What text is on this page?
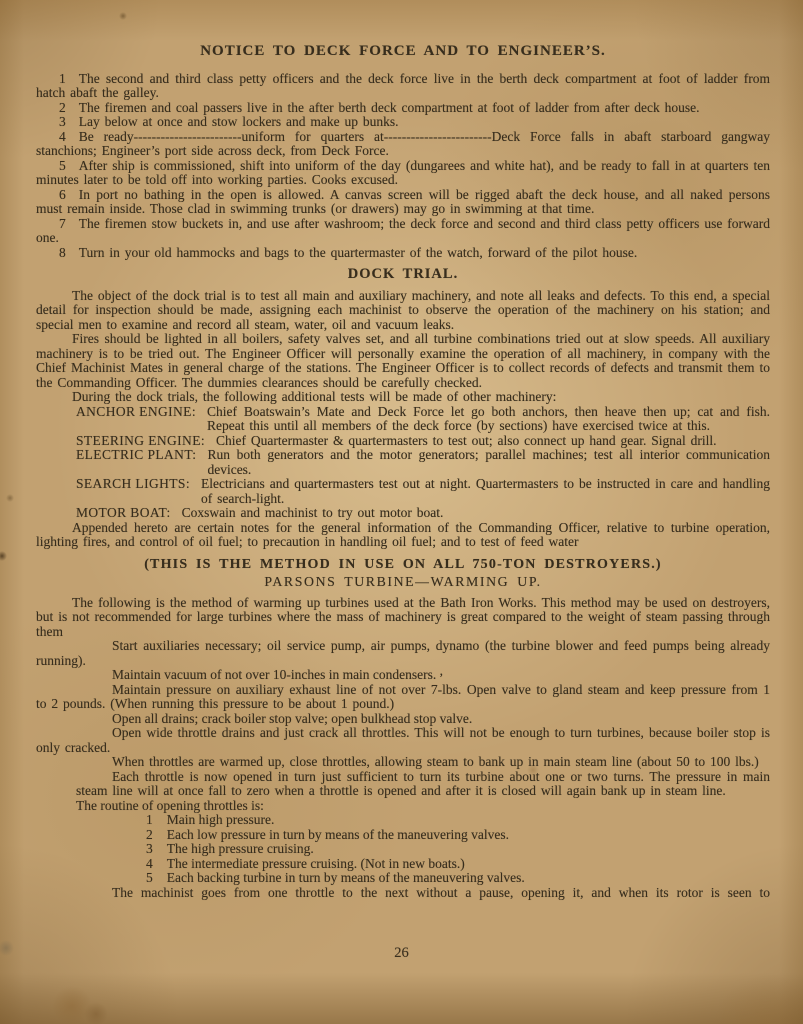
NOTICE TO DECK FORCE AND TO ENGINEER’S.

1 The second and third class petty officers and the deck force live in the berth deck compartment at foot of ladder from hatch abaft the galley.

2 The firemen and coal passers live in the after berth deck compartment at foot of ladder from after deck house.

3 Lay below at once and stow lockers and make up bunks.

4 Be ready------------------------uniform for quarters at------------------------Deck Force falls in abaft starboard gangway stanchions; Engineer’s port side across deck, from Deck Force.

5 After ship is commissioned, shift into uniform of the day (dungarees and white hat), and be ready to fall in at quarters ten minutes later to be told off into working parties. Cooks excused.

6 In port no bathing in the open is allowed. A canvas screen will be rigged abaft the deck house, and all naked persons must remain inside. Those clad in swimming trunks (or drawers) may go in swimming at that time.

7 The firemen stow buckets in, and use after washroom; the deck force and second and third class petty officers use forward one.

8 Turn in your old hammocks and bags to the quartermaster of the watch, forward of the pilot house.

DOCK TRIAL.

The object of the dock trial is to test all main and auxiliary machinery, and note all leaks and defects. To this end, a special detail for inspection should be made, assigning each machinist to observe the operation of the machinery on his station; and special men to examine and record all steam, water, oil and vacuum leaks.

Fires should be lighted in all boilers, safety valves set, and all turbine combinations tried out at slow speeds. All auxiliary machinery is to be tried out. The Engineer Officer will personally examine the operation of all machinery, in company with the Chief Machinist Mates in general charge of the stations. The Engineer Officer is to collect records of defects and transmit them to the Commanding Officer. The dummies clearances should be carefully checked.

During the dock trials, the following additional tests will be made of other machinery:

ANCHOR ENGINE: Chief Boatswain’s Mate and Deck Force let go both anchors, then heave then up; cat and fish. Repeat this until all members of the deck force (by sections) have exercised twice at this.
STEERING ENGINE: Chief Quartermaster & quartermasters to test out; also connect up hand gear. Signal drill.
ELECTRIC PLANT: Run both generators and the motor generators; parallel machines; test all interior communication devices.
SEARCH LIGHTS: Electricians and quartermasters test out at night. Quartermasters to be instructed in care and handling of search-light.
MOTOR BOAT: Coxswain and machinist to try out motor boat.

Appended hereto are certain notes for the general information of the Commanding Officer, relative to turbine operation, lighting fires, and control of oil fuel; to precaution in handling oil fuel; and to test of feed water

(THIS IS THE METHOD IN USE ON ALL 750-TON DESTROYERS.)

PARSONS TURBINE—WARMING UP.

The following is the method of warming up turbines used at the Bath Iron Works. This method may be used on destroyers, but is not recommended for large turbines where the mass of machinery is great compared to the weight of steam passing through them

Start auxiliaries necessary; oil service pump, air pumps, dynamo (the turbine blower and feed pumps being already running).

Maintain vacuum of not over 10-inches in main condensers. ,

Maintain pressure on auxiliary exhaust line of not over 7-lbs. Open valve to gland steam and keep pressure from 1 to 2 pounds. (When running this pressure to be about 1 pound.)

Open all drains; crack boiler stop valve; open bulkhead stop valve.

Open wide throttle drains and just crack all throttles. This will not be enough to turn turbines, because boiler stop is only cracked.

When throttles are warmed up, close throttles, allowing steam to bank up in main steam line (about 50 to 100 lbs.)

Each throttle is now opened in turn just sufficient to turn its turbine about one or two turns. The pressure in main steam line will at once fall to zero when a throttle is opened and after it is closed will again bank up in steam line.

The routine of opening throttles is:

1 Main high pressure.

2 Each low pressure in turn by means of the maneuvering valves.

3 The high pressure cruising.

4 The intermediate pressure cruising. (Not in new boats.)

5 Each backing turbine in turn by means of the maneuvering valves.

The machinist goes from one throttle to the next without a pause, opening it, and when its rotor is seen to

26
